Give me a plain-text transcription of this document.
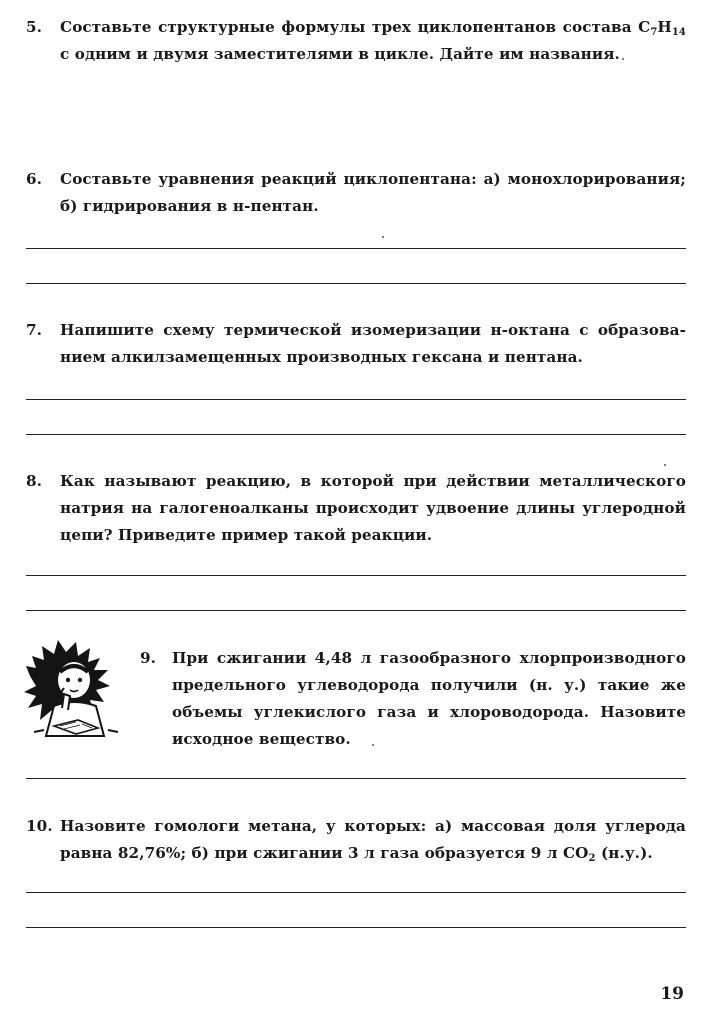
5. Составьте структурные формулы трех циклопентанов состава $C_7H_{14}$
с одним и двумя заместителями в цикле. Дайте им названия.
6. Составьте уравнения реакций циклопентана: а) монохлорирования;
б) гидрирования в н-пентан.
7. Напишите схему термической изомеризации н-октана с образова-
нием алкилзамещенных производных гексана и пентана.
8. Как называют реакцию, в которой при действии металлического
натрия на галогеноалканы происходит удвоение длины углеродной
цепи? Приведите пример такой реакции.
9. При сжигании 4,48 л газообразного хлорпроизводного
предельного углеводорода получили (н. у.) такие же
объемы углекислого газа и хлороводорода. Назовите
исходное вещество.
10. Назовите гомологи метана, у которых: а) массовая доля углерода
равна 82,76%; б) при сжигании 3 л газа образуется 9 л $CO_2$ (н.у.).
19
